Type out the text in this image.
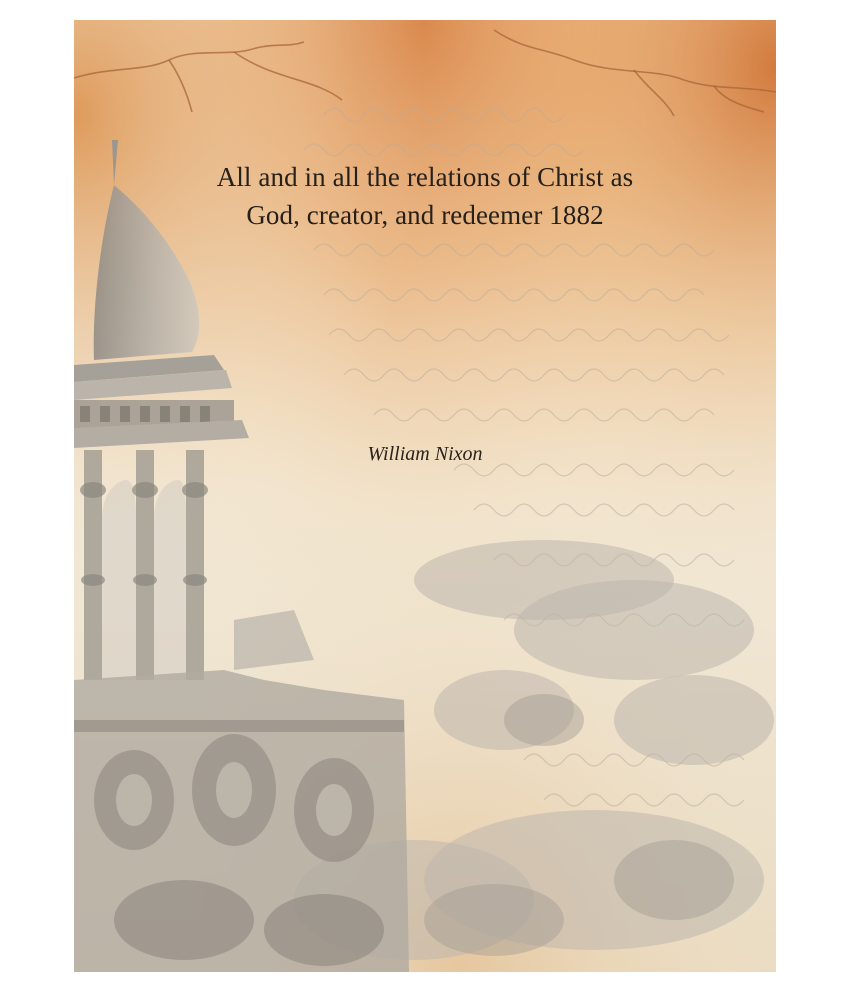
All and in all the relations of Christ as
God, creator, and redeemer 1882

William Nixon
